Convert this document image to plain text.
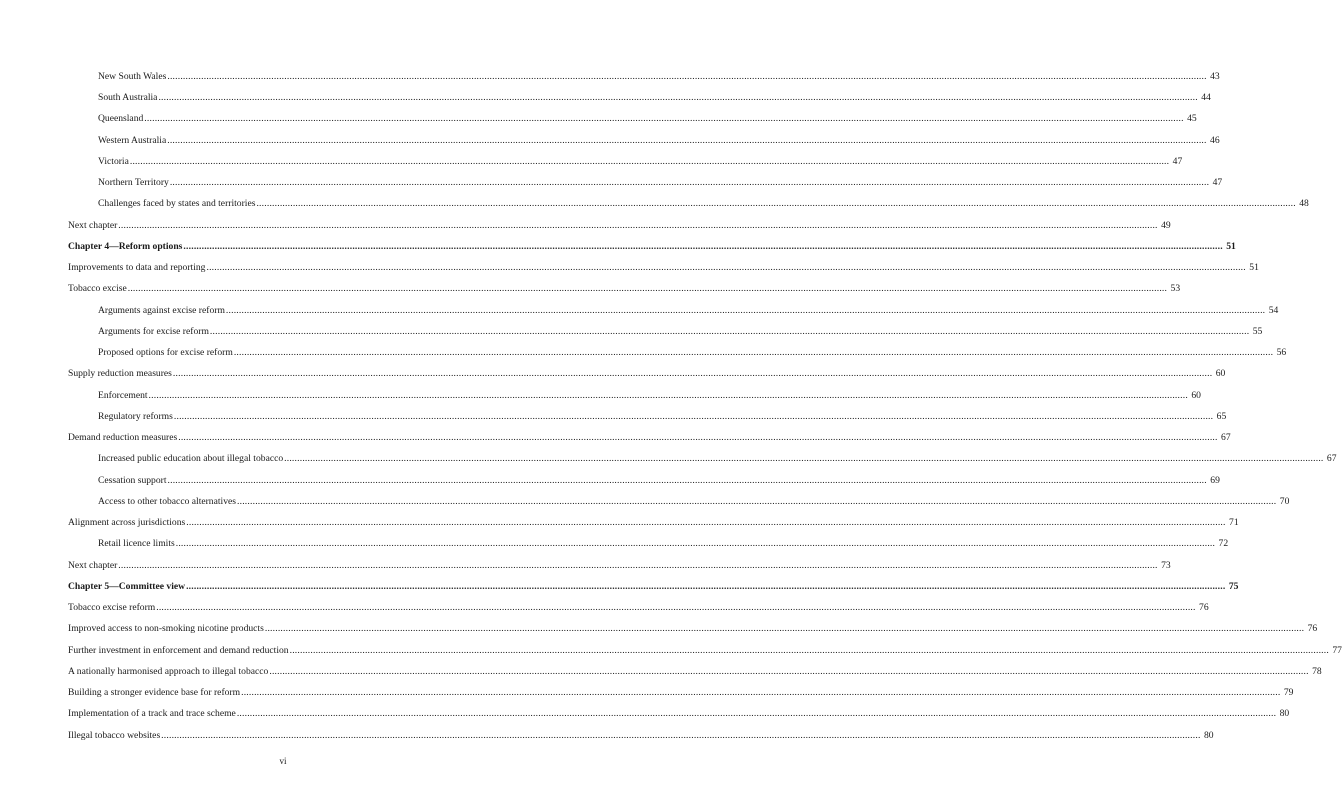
New South Wales ................................................................................................................................................................................................................................................................................................................................................................................................................ 43
South Australia ................................................................................................................................................................................................................................................................................................................................................................................................................ 44
Queensland ................................................................................................................................................................................................................................................................................................................................................................................................................ 45
Western Australia ................................................................................................................................................................................................................................................................................................................................................................................................................ 46
Victoria ................................................................................................................................................................................................................................................................................................................................................................................................................ 47
Northern Territory ................................................................................................................................................................................................................................................................................................................................................................................................................ 47
Challenges faced by states and territories ................................................................................................................................................................................................................................................................................................................................................................................................................ 48
Next chapter ................................................................................................................................................................................................................................................................................................................................................................................................................ 49
Chapter 4—Reform options ................................................................................................................................................................................................................................................................................................................................................................................................................ 51
Improvements to data and reporting ................................................................................................................................................................................................................................................................................................................................................................................................................ 51
Tobacco excise ................................................................................................................................................................................................................................................................................................................................................................................................................ 53
Arguments against excise reform ................................................................................................................................................................................................................................................................................................................................................................................................................ 54
Arguments for excise reform ................................................................................................................................................................................................................................................................................................................................................................................................................ 55
Proposed options for excise reform ................................................................................................................................................................................................................................................................................................................................................................................................................ 56
Supply reduction measures ................................................................................................................................................................................................................................................................................................................................................................................................................ 60
Enforcement ................................................................................................................................................................................................................................................................................................................................................................................................................ 60
Regulatory reforms ................................................................................................................................................................................................................................................................................................................................................................................................................ 65
Demand reduction measures ................................................................................................................................................................................................................................................................................................................................................................................................................ 67
Increased public education about illegal tobacco ................................................................................................................................................................................................................................................................................................................................................................................................................ 67
Cessation support ................................................................................................................................................................................................................................................................................................................................................................................................................ 69
Access to other tobacco alternatives ................................................................................................................................................................................................................................................................................................................................................................................................................ 70
Alignment across jurisdictions ................................................................................................................................................................................................................................................................................................................................................................................................................ 71
Retail licence limits ................................................................................................................................................................................................................................................................................................................................................................................................................ 72
Next chapter ................................................................................................................................................................................................................................................................................................................................................................................................................ 73
Chapter 5—Committee view ................................................................................................................................................................................................................................................................................................................................................................................................................ 75
Tobacco excise reform ................................................................................................................................................................................................................................................................................................................................................................................................................ 76
Improved access to non-smoking nicotine products ................................................................................................................................................................................................................................................................................................................................................................................................................ 76
Further investment in enforcement and demand reduction ................................................................................................................................................................................................................................................................................................................................................................................................................ 77
A nationally harmonised approach to illegal tobacco ................................................................................................................................................................................................................................................................................................................................................................................................................ 78
Building a stronger evidence base for reform ................................................................................................................................................................................................................................................................................................................................................................................................................ 79
Implementation of a track and trace scheme ................................................................................................................................................................................................................................................................................................................................................................................................................ 80
Illegal tobacco websites ................................................................................................................................................................................................................................................................................................................................................................................................................ 80
vi
